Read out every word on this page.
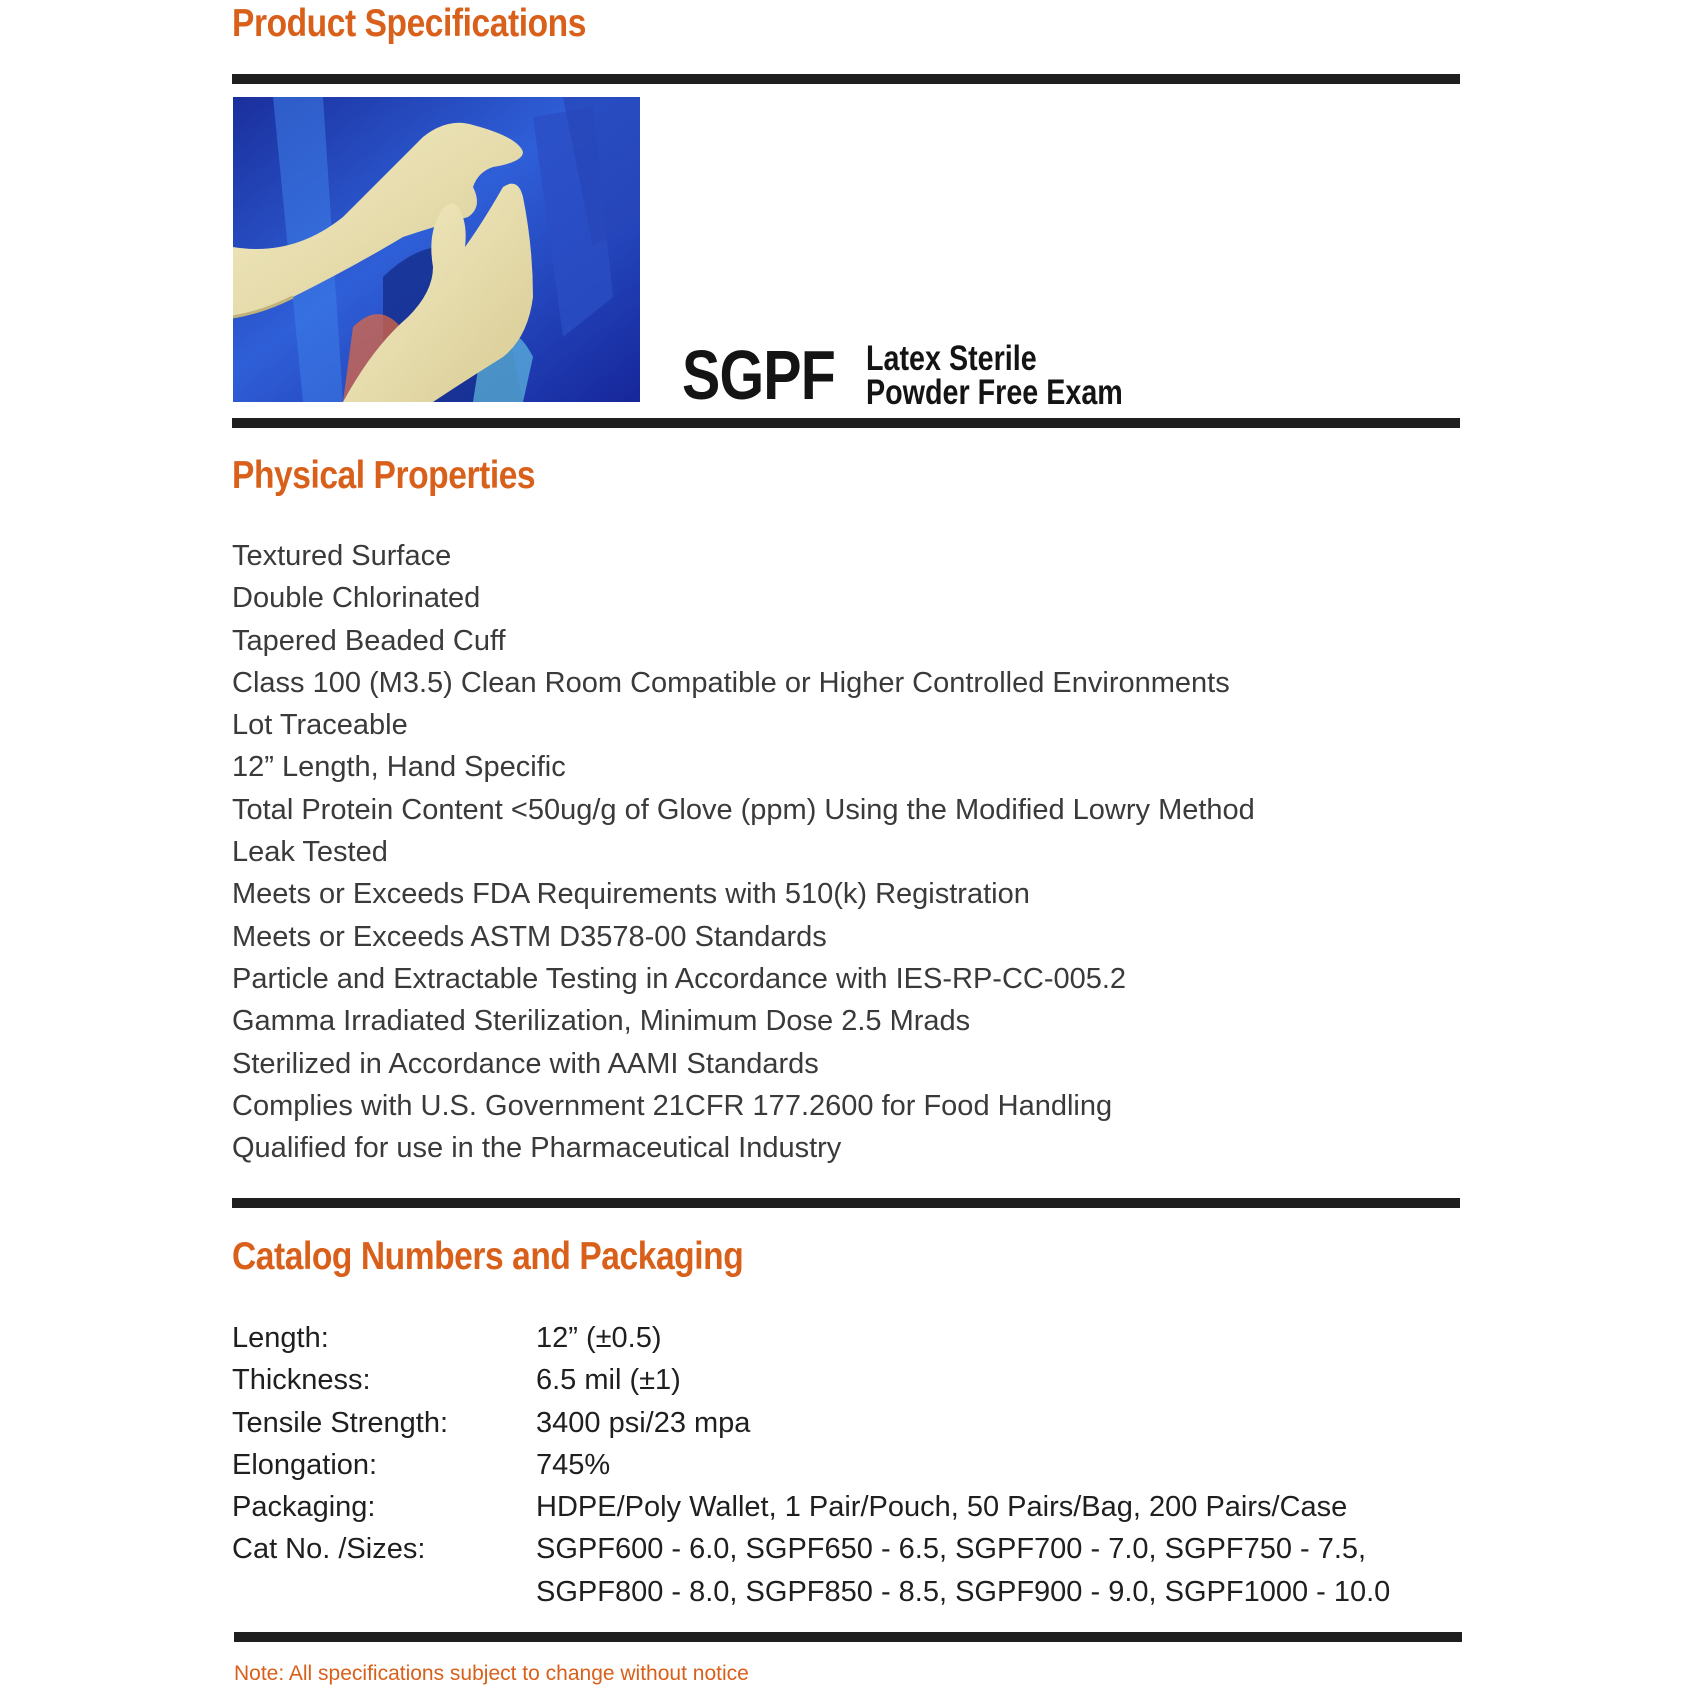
Product Specifications
SGPF Latex Sterile
Powder Free Exam
Physical Properties
Textured Surface
Double Chlorinated
Tapered Beaded Cuff
Class 100 (M3.5) Clean Room Compatible or Higher Controlled Environments
Lot Traceable
12” Length, Hand Specific
Total Protein Content <50ug/g of Glove (ppm) Using the Modified Lowry Method
Leak Tested
Meets or Exceeds FDA Requirements with 510(k) Registration
Meets or Exceeds ASTM D3578-00 Standards
Particle and Extractable Testing in Accordance with IES-RP-CC-005.2
Gamma Irradiated Sterilization, Minimum Dose 2.5 Mrads
Sterilized in Accordance with AAMI Standards
Complies with U.S. Government 21CFR 177.2600 for Food Handling
Qualified for use in the Pharmaceutical Industry
Catalog Numbers and Packaging
Length:	12” (±0.5)
Thickness:	6.5 mil (±1)
Tensile Strength:	3400 psi/23 mpa
Elongation:	745%
Packaging:	HDPE/Poly Wallet, 1 Pair/Pouch, 50 Pairs/Bag, 200 Pairs/Case
Cat No. /Sizes:	SGPF600 - 6.0, SGPF650 - 6.5, SGPF700 - 7.0, SGPF750 - 7.5,
SGPF800 - 8.0, SGPF850 - 8.5, SGPF900 - 9.0, SGPF1000 - 10.0
Note: All specifications subject to change without notice
